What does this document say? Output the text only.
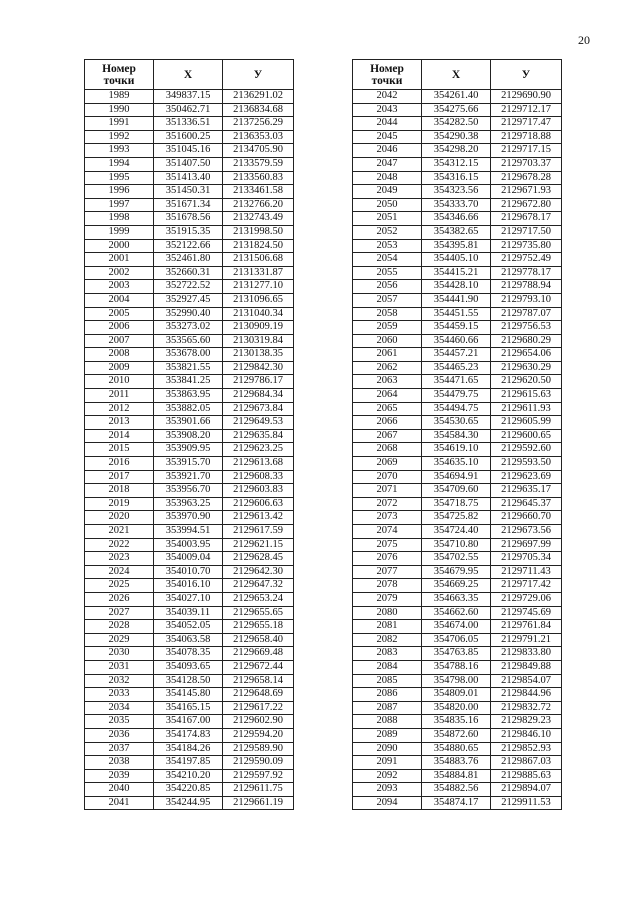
20
Номер
точки	X	У
1989	349837.15	2136291.02
1990	350462.71	2136834.68
1991	351336.51	2137256.29
1992	351600.25	2136353.03
1993	351045.16	2134705.90
1994	351407.50	2133579.59
1995	351413.40	2133560.83
1996	351450.31	2133461.58
1997	351671.34	2132766.20
1998	351678.56	2132743.49
1999	351915.35	2131998.50
2000	352122.66	2131824.50
2001	352461.80	2131506.68
2002	352660.31	2131331.87
2003	352722.52	2131277.10
2004	352927.45	2131096.65
2005	352990.40	2131040.34
2006	353273.02	2130909.19
2007	353565.60	2130319.84
2008	353678.00	2130138.35
2009	353821.55	2129842.30
2010	353841.25	2129786.17
2011	353863.95	2129684.34
2012	353882.05	2129673.84
2013	353901.66	2129649.53
2014	353908.20	2129635.84
2015	353909.95	2129623.25
2016	353915.70	2129613.68
2017	353921.70	2129608.33
2018	353956.70	2129603.83
2019	353963.25	2129606.63
2020	353970.90	2129613.42
2021	353994.51	2129617.59
2022	354003.95	2129621.15
2023	354009.04	2129628.45
2024	354010.70	2129642.30
2025	354016.10	2129647.32
2026	354027.10	2129653.24
2027	354039.11	2129655.65
2028	354052.05	2129655.18
2029	354063.58	2129658.40
2030	354078.35	2129669.48
2031	354093.65	2129672.44
2032	354128.50	2129658.14
2033	354145.80	2129648.69
2034	354165.15	2129617.22
2035	354167.00	2129602.90
2036	354174.83	2129594.20
2037	354184.26	2129589.90
2038	354197.85	2129590.09
2039	354210.20	2129597.92
2040	354220.85	2129611.75
2041	354244.95	2129661.19
Номер
точки	X	У
2042	354261.40	2129690.90
2043	354275.66	2129712.17
2044	354282.50	2129717.47
2045	354290.38	2129718.88
2046	354298.20	2129717.15
2047	354312.15	2129703.37
2048	354316.15	2129678.28
2049	354323.56	2129671.93
2050	354333.70	2129672.80
2051	354346.66	2129678.17
2052	354382.65	2129717.50
2053	354395.81	2129735.80
2054	354405.10	2129752.49
2055	354415.21	2129778.17
2056	354428.10	2129788.94
2057	354441.90	2129793.10
2058	354451.55	2129787.07
2059	354459.15	2129756.53
2060	354460.66	2129680.29
2061	354457.21	2129654.06
2062	354465.23	2129630.29
2063	354471.65	2129620.50
2064	354479.75	2129615.63
2065	354494.75	2129611.93
2066	354530.65	2129605.99
2067	354584.30	2129600.65
2068	354619.10	2129592.60
2069	354635.10	2129593.50
2070	354694.91	2129623.69
2071	354709.60	2129635.17
2072	354718.75	2129645.37
2073	354725.82	2129660.70
2074	354724.40	2129673.56
2075	354710.80	2129697.99
2076	354702.55	2129705.34
2077	354679.95	2129711.43
2078	354669.25	2129717.42
2079	354663.35	2129729.06
2080	354662.60	2129745.69
2081	354674.00	2129761.84
2082	354706.05	2129791.21
2083	354763.85	2129833.80
2084	354788.16	2129849.88
2085	354798.00	2129854.07
2086	354809.01	2129844.96
2087	354820.00	2129832.72
2088	354835.16	2129829.23
2089	354872.60	2129846.10
2090	354880.65	2129852.93
2091	354883.76	2129867.03
2092	354884.81	2129885.63
2093	354882.56	2129894.07
2094	354874.17	2129911.53
